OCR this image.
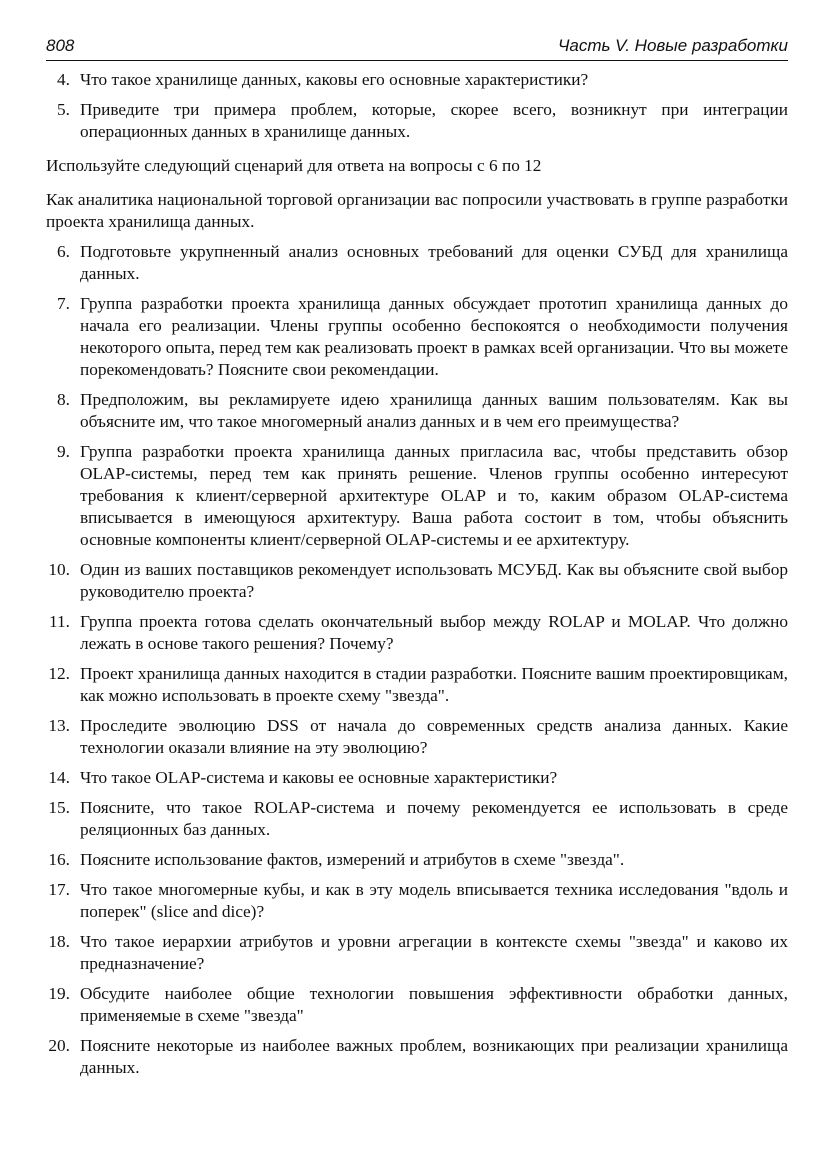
808	Часть V. Новые разработки
4. Что такое хранилище данных, каковы его основные характеристики?
5. Приведите три примера проблем, которые, скорее всего, возникнут при интеграции операционных данных в хранилище данных.
Используйте следующий сценарий для ответа на вопросы с 6 по 12
Как аналитика национальной торговой организации вас попросили участвовать в группе разработки проекта хранилища данных.
6. Подготовьте укрупненный анализ основных требований для оценки СУБД для хранилища данных.
7. Группа разработки проекта хранилища данных обсуждает прототип хранилища данных до начала его реализации. Члены группы особенно беспокоятся о необходимости получения некоторого опыта, перед тем как реализовать проект в рамках всей организации. Что вы можете порекомендовать? Поясните свои рекомендации.
8. Предположим, вы рекламируете идею хранилища данных вашим пользователям. Как вы объясните им, что такое многомерный анализ данных и в чем его преимущества?
9. Группа разработки проекта хранилища данных пригласила вас, чтобы представить обзор OLAP-системы, перед тем как принять решение. Членов группы особенно интересуют требования к клиент/серверной архитектуре OLAP и то, каким образом OLAP-система вписывается в имеющуюся архитектуру. Ваша работа состоит в том, чтобы объяснить основные компоненты клиент/серверной OLAP-системы и ее архитектуру.
10. Один из ваших поставщиков рекомендует использовать МСУБД. Как вы объясните свой выбор руководителю проекта?
11. Группа проекта готова сделать окончательный выбор между ROLAP и MOLAP. Что должно лежать в основе такого решения? Почему?
12. Проект хранилища данных находится в стадии разработки. Поясните вашим проектировщикам, как можно использовать в проекте схему "звезда".
13. Проследите эволюцию DSS от начала до современных средств анализа данных. Какие технологии оказали влияние на эту эволюцию?
14. Что такое OLAP-система и каковы ее основные характеристики?
15. Поясните, что такое ROLAP-система и почему рекомендуется ее использовать в среде реляционных баз данных.
16. Поясните использование фактов, измерений и атрибутов в схеме "звезда".
17. Что такое многомерные кубы, и как в эту модель вписывается техника исследования "вдоль и поперек" (slice and dice)?
18. Что такое иерархии атрибутов и уровни агрегации в контексте схемы "звезда" и каково их предназначение?
19. Обсудите наиболее общие технологии повышения эффективности обработки данных, применяемые в схеме "звезда"
20. Поясните некоторые из наиболее важных проблем, возникающих при реализации хранилища данных.
